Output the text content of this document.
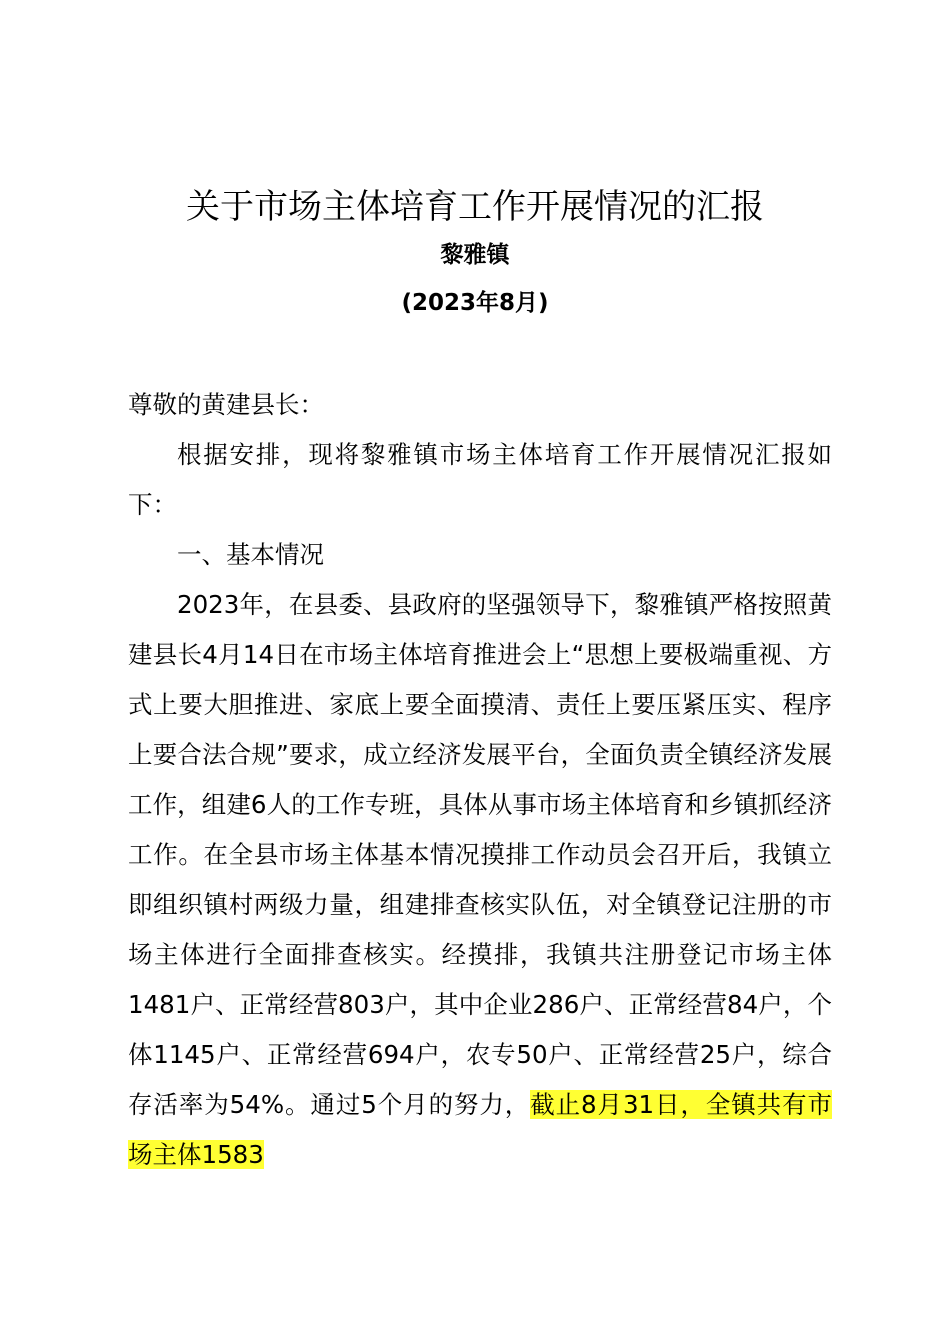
关于市场主体培育工作开展情况的汇报
黎雅镇
(2023年8月)

尊敬的黄建县长：

根据安排，现将黎雅镇市场主体培育工作开展情况汇报如下：

一、基本情况

2023年，在县委、县政府的坚强领导下，黎雅镇严格按照黄建县长4月14日在市场主体培育推进会上“思想上要极端重视、方式上要大胆推进、家底上要全面摸清、责任上要压紧压实、程序上要合法合规”要求，成立经济发展平台，全面负责全镇经济发展工作，组建6人的工作专班，具体从事市场主体培育和乡镇抓经济工作。在全县市场主体基本情况摸排工作动员会召开后，我镇立即组织镇村两级力量，组建排查核实队伍，对全镇登记注册的市场主体进行全面排查核实。经摸排，我镇共注册登记市场主体1481户、正常经营803户，其中企业286户、正常经营84户，个体1145户、正常经营694户，农专50户、正常经营25户，综合存活率为54%。通过5个月的努力，截止8月31日，全镇共有市场主体1583
